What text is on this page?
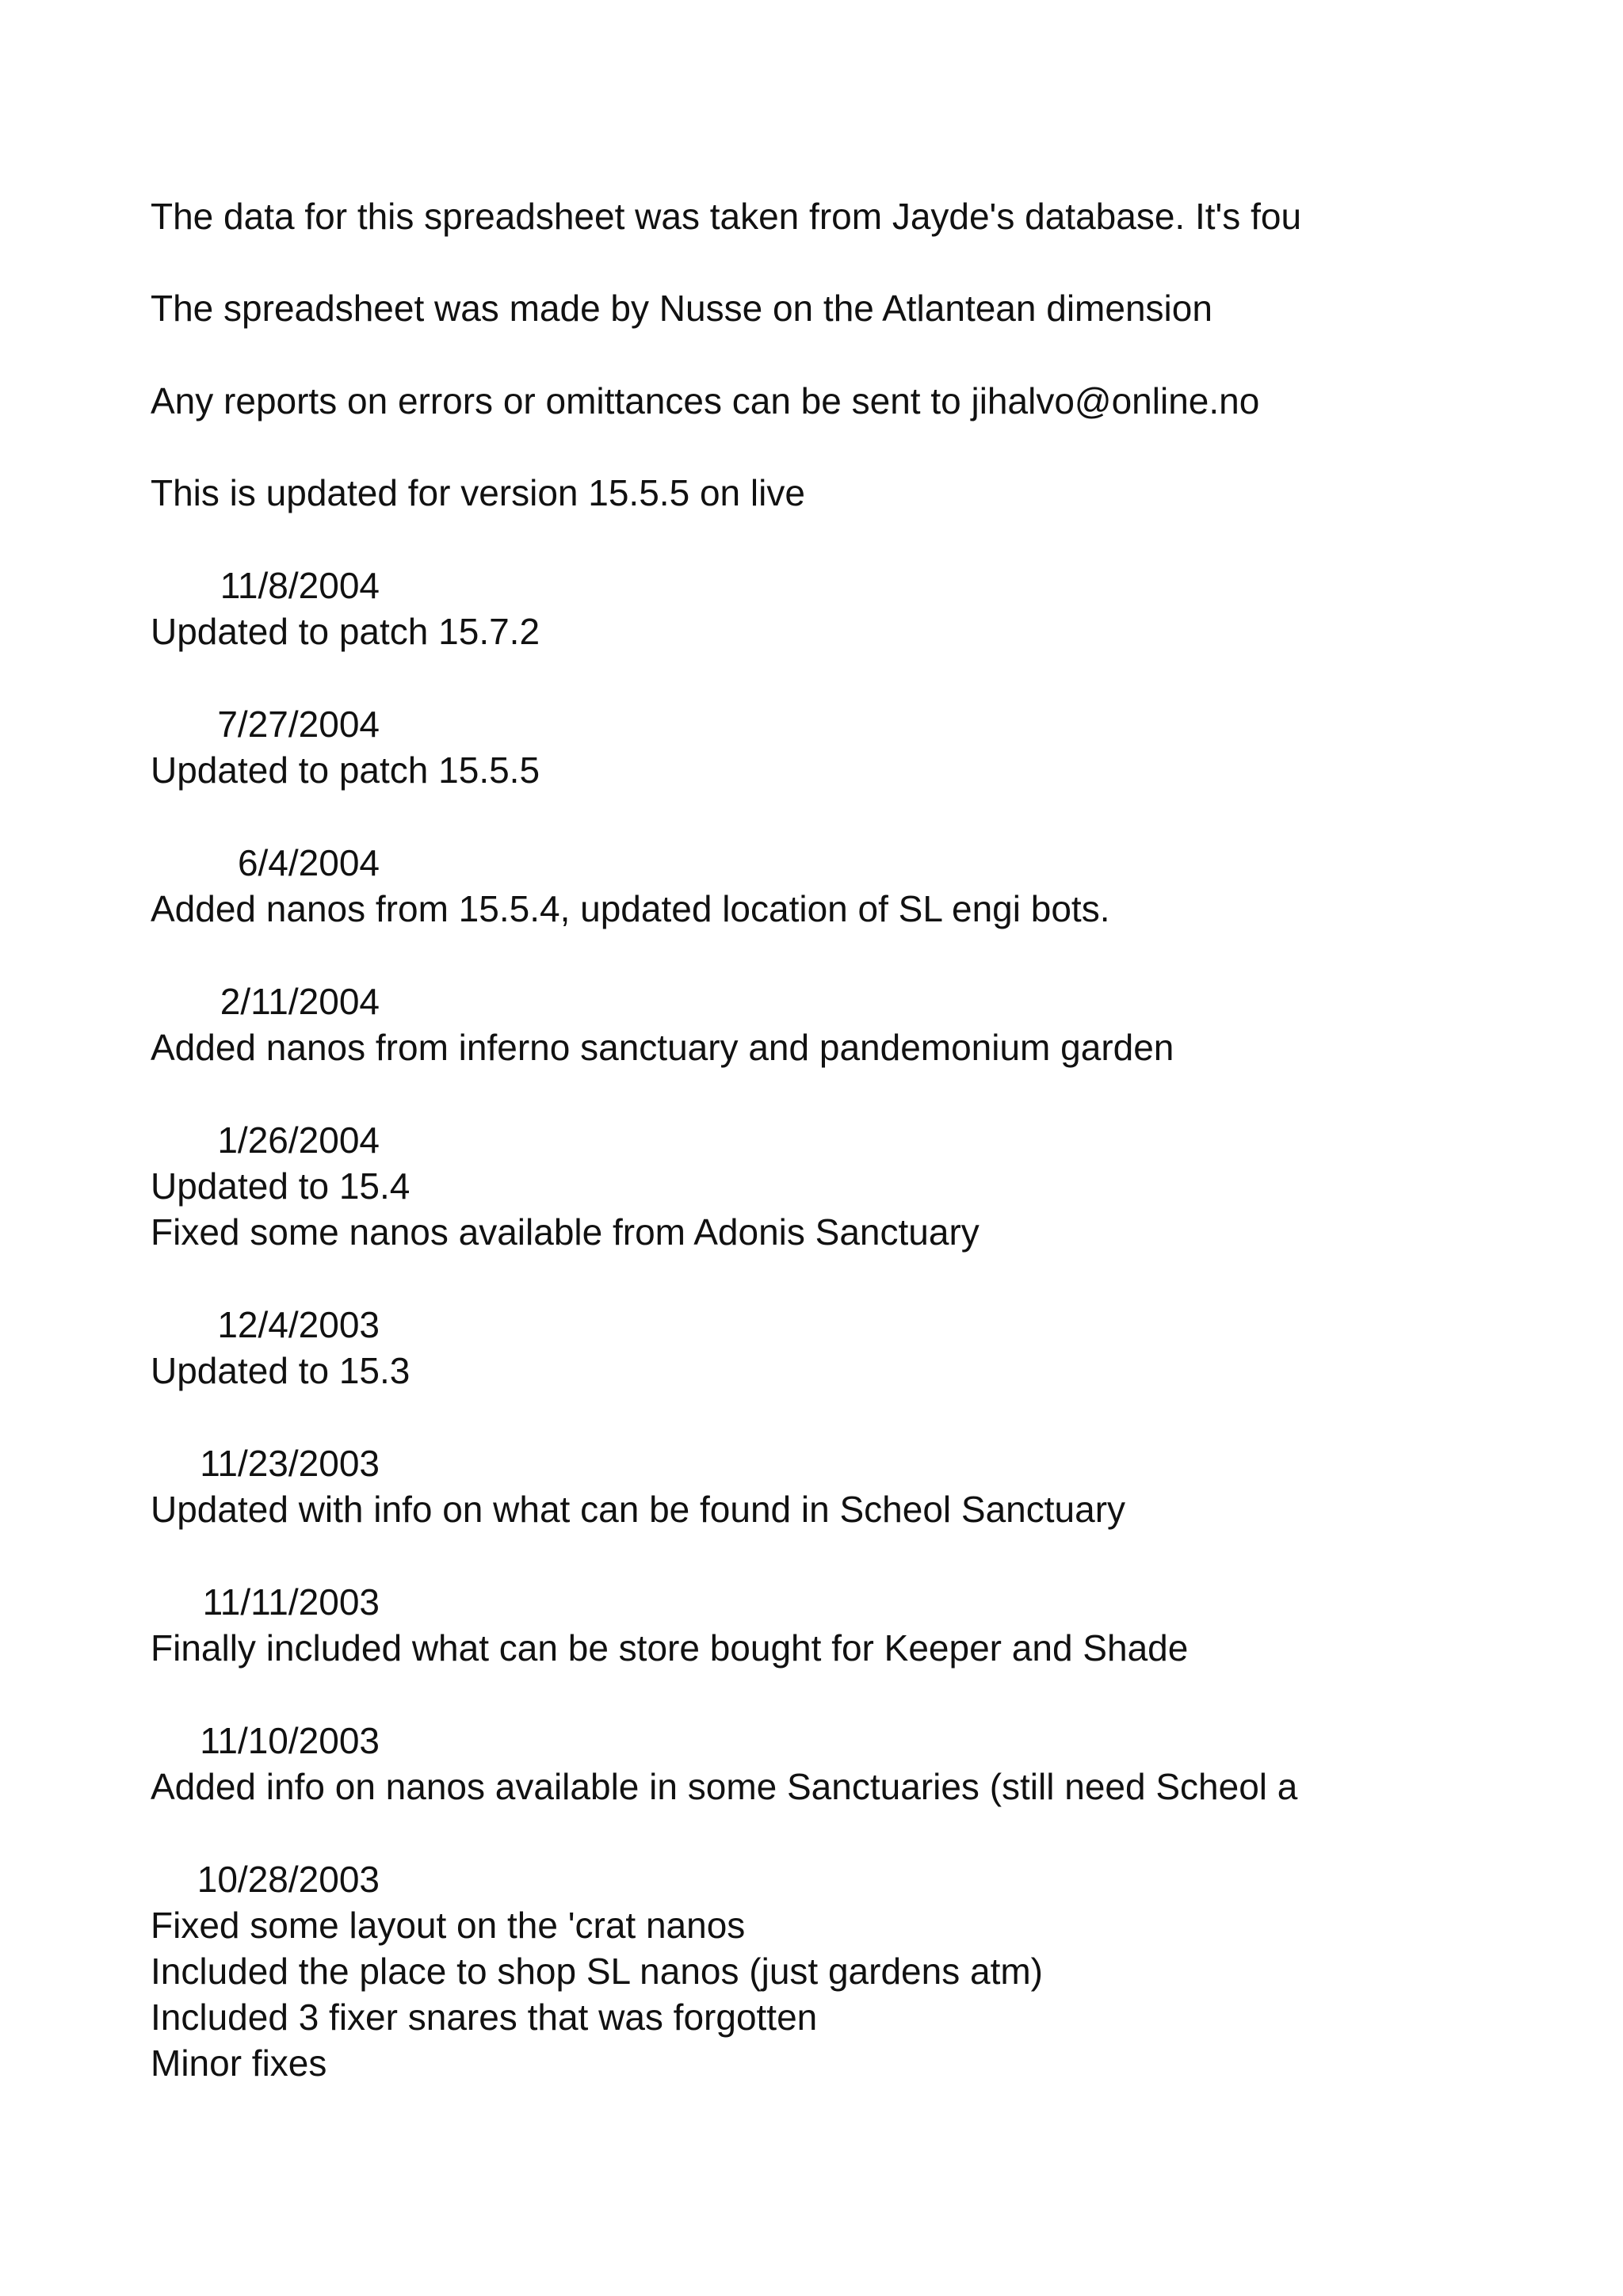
The data for this spreadsheet was taken from Jayde's database. It's fou
The spreadsheet was made by Nusse on the Atlantean dimension
Any reports on errors or omittances can be sent to jihalvo@online.no
This is updated for version 15.5.5 on live
11/8/2004
Updated to patch 15.7.2
7/27/2004
Updated to patch 15.5.5
6/4/2004
Added nanos from 15.5.4, updated location of SL engi bots.
2/11/2004
Added nanos from inferno sanctuary and pandemonium garden
1/26/2004
Updated to 15.4
Fixed some nanos available from Adonis Sanctuary
12/4/2003
Updated to 15.3
11/23/2003
Updated with info on what can be found in Scheol Sanctuary
11/11/2003
Finally included what can be store bought for Keeper and Shade
11/10/2003
Added info on nanos available in some Sanctuaries (still need Scheol a
10/28/2003
Fixed some layout on the 'crat nanos
Included the place to shop SL nanos (just gardens atm)
Included 3 fixer snares that was forgotten
Minor fixes
